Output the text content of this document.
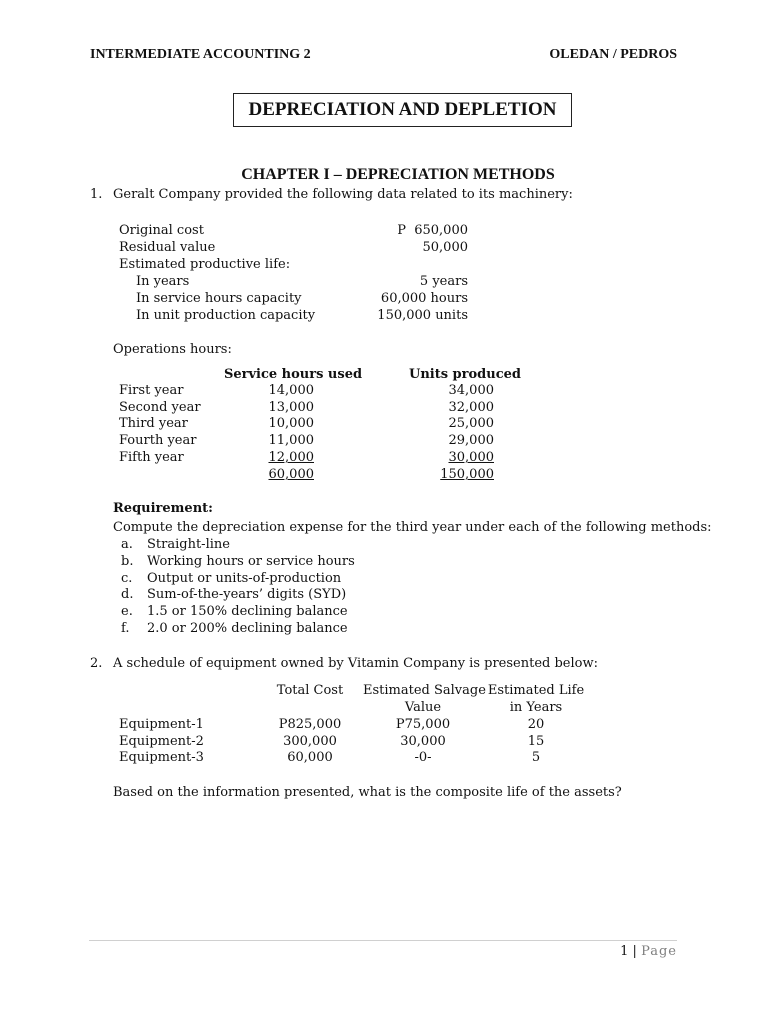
INTERMEDIATE ACCOUNTING 2	OLEDAN / PEDROS
DEPRECIATION AND DEPLETION
CHAPTER I – DEPRECIATION METHODS
1. Geralt Company provided the following data related to its machinery:
Original cost	P  650,000
Residual value	50,000
Estimated productive life:
In years	5 years
In service hours capacity	60,000 hours
In unit production capacity	150,000 units
Operations hours:
Service hours used	Units produced
First year	14,000	34,000
Second year	13,000	32,000
Third year	10,000	25,000
Fourth year	11,000	29,000
Fifth year	12,000	30,000
60,000	150,000
Requirement:
Compute the depreciation expense for the third year under each of the following methods:
a. Straight-line
b. Working hours or service hours
c. Output or units-of-production
d. Sum-of-the-years’ digits (SYD)
e. 1.5 or 150% declining balance
f. 2.0 or 200% declining balance
2. A schedule of equipment owned by Vitamin Company is presented below:
Total Cost	Estimated Salvage
Value
Estimated Life
in Years
Equipment-1	P825,000	P75,000	20
Equipment-2	300,000	30,000	15
Equipment-3	60,000	-0-	5
Based on the information presented, what is the composite life of the assets?
1 | Page
